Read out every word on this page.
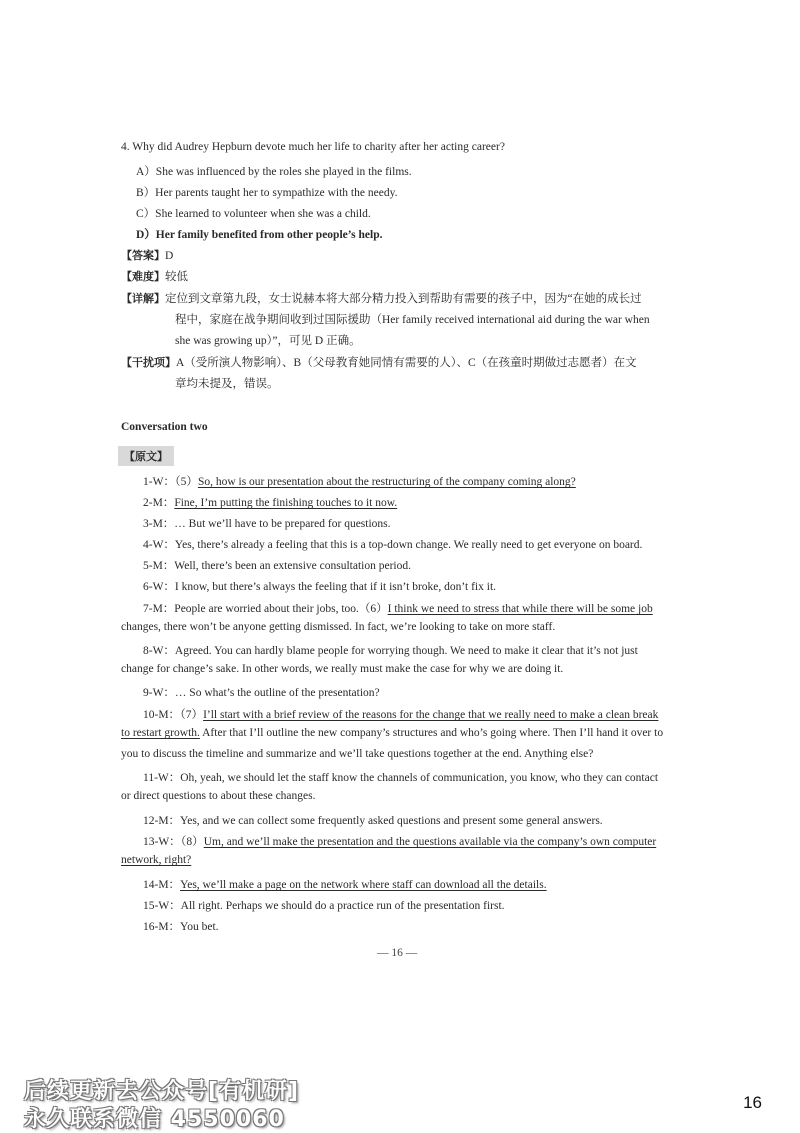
4. Why did Audrey Hepburn devote much her life to charity after her acting career?
A）She was influenced by the roles she played in the films.
B）Her parents taught her to sympathize with the needy.
C）She learned to volunteer when she was a child.
D）Her family benefited from other people’s help.
【答案】D
【难度】较低
【详解】定位到文章第九段，女士说赫本将大部分精力投入到帮助有需要的孩子中，因为“在她的成长过
程中，家庭在战争期间收到过国际援助（Her family received international aid during the war when
she was growing up）”，可见 D 正确。
【干扰项】A（受所演人物影响）、B（父母教育她同情有需要的人）、C（在孩童时期做过志愿者）在文
章均未提及，错误。
Conversation two
【原文】
1-W：（5）So, how is our presentation about the restructuring of the company coming along?
2-M：Fine, I’m putting the finishing touches to it now.
3-M：… But we’ll have to be prepared for questions.
4-W：Yes, there’s already a feeling that this is a top-down change. We really need to get everyone on board.
5-M：Well, there’s been an extensive consultation period.
6-W：I know, but there’s always the feeling that if it isn’t broke, don’t fix it.
7-M：People are worried about their jobs, too.（6）I think we need to stress that while there will be some job
changes, there won’t be anyone getting dismissed. In fact, we’re looking to take on more staff.
8-W：Agreed. You can hardly blame people for worrying though. We need to make it clear that it’s not just
change for change’s sake. In other words, we really must make the case for why we are doing it.
9-W：… So what’s the outline of the presentation?
10-M：（7）I’ll start with a brief review of the reasons for the change that we really need to make a clean break
to restart growth. After that I’ll outline the new company’s structures and who’s going where. Then I’ll hand it over to
you to discuss the timeline and summarize and we’ll take questions together at the end. Anything else?
11-W：Oh, yeah, we should let the staff know the channels of communication, you know, who they can contact
or direct questions to about these changes.
12-M：Yes, and we can collect some frequently asked questions and present some general answers.
13-W：（8）Um, and we’ll make the presentation and the questions available via the company’s own computer
network, right?
14-M：Yes, we’ll make a page on the network where staff can download all the details.
15-W：All right. Perhaps we should do a practice run of the presentation first.
16-M：You bet.
— 16 —
后续更新去公众号[有机研]
永久联系微信 4550060
16
